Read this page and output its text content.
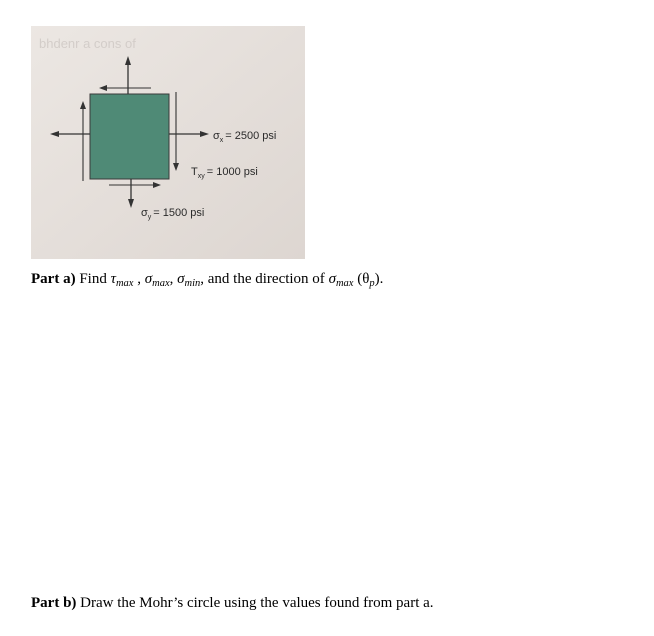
bhdenr a cons of
$\sigma_x = 2500$ psi
$T_{xy} = 1000$ psi
$\sigma_y = 1500$ psi
Part a) Find $\tau_{max}$ , $\sigma_{max}$, $\sigma_{min}$, and the direction of $\sigma_{max}$ $(\theta_p)$.
Part b) Draw the Mohr’s circle using the values found from part a.
